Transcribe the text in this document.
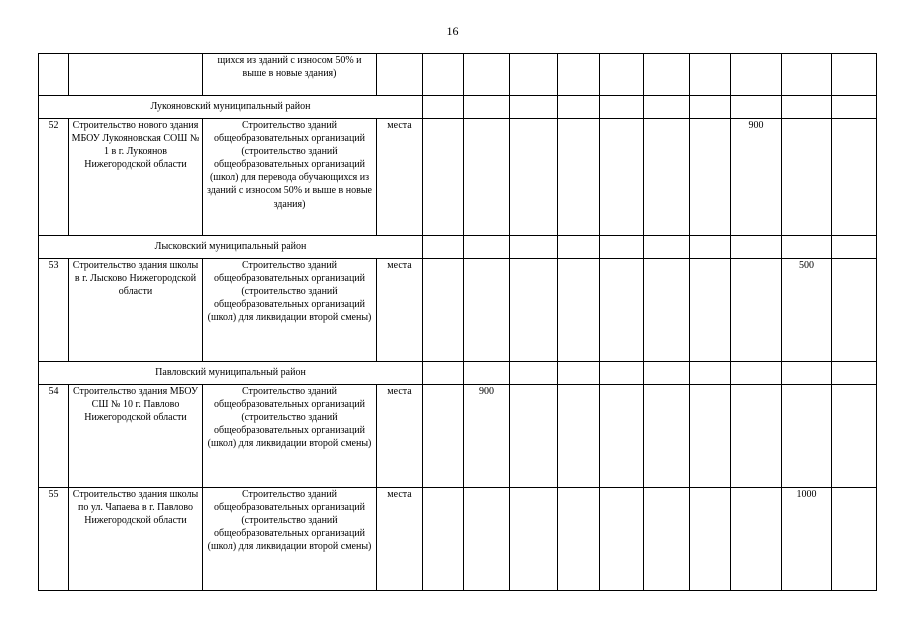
16
		щихся из зданий с износом 50% и выше в новые здания)											
Лукояновский муниципальный район													
52	Строительство нового здания МБОУ Лукояновская СОШ № 1 в г. Лукоянов Нижегородской области	Строительство зданий общеобразовательных организаций (строительство зданий общеобразовательных организаций (школ) для перевода обучающихся из зданий с износом 50% и выше в новые здания)	места								900		
Лысковский муниципальный район													
53	Строительство здания школы в г. Лысково Нижегородской области	Строительство зданий общеобразовательных организаций (строительство зданий общеобразовательных организаций (школ) для ликвидации второй смены)	места									500	
Павловский муниципальный район													
54	Строительство здания МБОУ СШ № 10 г. Павлово Нижегородской области	Строительство зданий общеобразовательных организаций (строительство зданий общеобразовательных организаций (школ) для ликвидации второй смены)	места		900								
55	Строительство здания школы по ул. Чапаева в г. Павлово Нижегородской области	Строительство зданий общеобразовательных организаций (строительство зданий общеобразовательных организаций (школ) для ликвидации второй смены)	места									1000	
